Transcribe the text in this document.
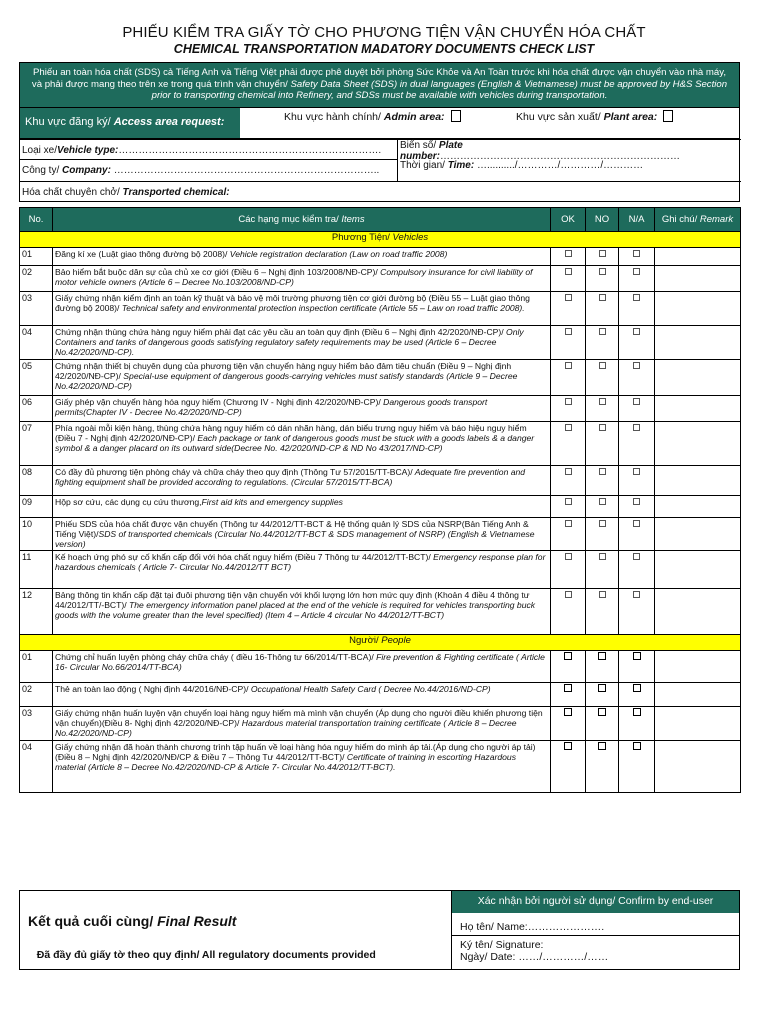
PHIẾU KIỂM TRA GIẤY TỜ CHO PHƯƠNG TIỆN VẬN CHUYỂN HÓA CHẤT
CHEMICAL TRANSPORTATION MADATORY DOCUMENTS CHECK LIST
Phiếu an toàn hóa chất (SDS) cả Tiếng Anh và Tiếng Việt phải được phê duyệt bởi phòng Sức Khỏe và An Toàn trước khi hóa chất được vận chuyển vào nhà máy, và phải được mang theo trên xe trong quá trình vận chuyển/ Safety Data Sheet (SDS) in dual languages (English & Vietnamese) must be approved by H&S Section prior to transporting chemical into Refinery, and SDSs must be available with vehicles during transportation.
Khu vực đăng ký/ Access area request:	Khu vực hành chính/ Admin area:	Khu vực sản xuất/ Plant area:
Loại xe/Vehicle type:……………………………………………………………………. Biển số/ Plate number:………………………………………………………………
Công ty/ Company: …………………………………………………………………….. Thời gian/ Time: …........../…………/…………/…………
Hóa chất chuyên chở/ Transported chemical:
No.	Các hạng mục kiểm tra/ Items	OK	NO	N/A	Ghi chú/ Remark
Phương Tiện/ Vehicles					
01	Đăng kí xe (Luật giao thông đường bộ 2008)/ Vehicle registration declaration (Law on road traffic 2008)				
02	Bảo hiểm bắt buộc dân sự của chủ xe cơ giới (Điều 6 – Nghị định 103/2008/NĐ-CP)/ Compulsory insurance for civil liability of motor vehicle owners (Article 6 – Decree No.103/2008/ND-CP)				
03	Giấy chứng nhận kiểm định an toàn kỹ thuật và bảo vệ môi trường phương tiện cơ giới đường bộ (Điều 55 – Luật giao thông đường bộ 2008)/ Technical safety and environmental protection inspection certificate (Article 55 – Law on road traffic 2008).				
04	Chứng nhận thùng chứa hàng nguy hiểm phải đạt các yêu cầu an toàn quy định (Điều 6 – Nghị định 42/2020/NĐ-CP)/ Only Containers and tanks of dangerous goods satisfying regulatory safety requirements may be used (Article 6 – Decree No.42/2020/ND-CP).				
05	Chứng nhận thiết bị chuyên dụng của phương tiện vận chuyển hàng nguy hiểm bảo đảm tiêu chuẩn (Điều 9 – Nghị định 42/2020/NĐ-CP)/ Special-use equipment of dangerous goods-carrying vehicles must satisfy standards (Article 9 – Decree No.42/2020/ND-CP)				
06	Giấy phép vận chuyển hàng hóa nguy hiểm (Chương IV - Nghị định 42/2020/NĐ-CP)/ Dangerous goods transport permits(Chapter IV - Decree No.42/2020/ND-CP)				
07	Phía ngoài mỗi kiện hàng, thùng chứa hàng nguy hiểm có dán nhãn hàng, dán biểu trưng nguy hiểm và báo hiệu nguy hiểm (Điều 7 - Nghị định 42/2020/NĐ-CP)/ Each package or tank of dangerous goods must be stuck with a goods labels & a danger symbol & a danger placard on its outward side(Decree No. 42/2020/ND-CP & ND No 43/2017/ND-CP)				
08	Có đầy đủ phương tiện phòng cháy và chữa cháy theo quy định (Thông Tư 57/2015/TT-BCA)/ Adequate fire prevention and fighting equipment shall be provided according to regulations. (Circular 57/2015/TT-BCA)				
09	Hộp sơ cứu, các dụng cụ cứu thương,First aid kits and emergency supplies				
10	Phiếu SDS của hóa chất được vận chuyển (Thông tư 44/2012/TT-BCT & Hệ thống quản lý SDS của NSRP(Bản Tiếng Anh & Tiếng Việt)/SDS of transported chemicals (Circular No.44/2012/TT-BCT & SDS management of NSRP) (English & Vietnamese version)				
11	Kế hoạch ứng phó sự cố khẩn cấp đối với hóa chất nguy hiểm (Điều 7 Thông tư 44/2012/TT-BCT)/ Emergency response plan for hazardous chemicals ( Article 7- Circular No.44/2012/TT BCT)				
12	Bảng thông tin khẩn cấp đặt tại đuôi phương tiện vận chuyển với khối lượng lớn hơn mức quy định (Khoản 4 điều 4 thông tư 44/2012/TT/-BCT)/ The emergency information panel placed at the end of the vehicle is required for vehicles transporting buck goods with the volume greater than the level specified) (Item 4 – Article 4 circular No 44/2012/TT-BCT)				
Người/ People					
01	Chứng chỉ huấn luyện phòng cháy chữa cháy ( điều 16-Thông tư 66/2014/TT-BCA)/ Fire prevention & Fighting certificate ( Article 16- Circular No.66/2014/TT-BCA)				
02	Thẻ an toàn lao động ( Nghị định 44/2016/NĐ-CP)/ Occupational Health Safety Card ( Decree No.44/2016/ND-CP)				
03	Giấy chứng nhận huấn luyện vận chuyển loại hàng nguy hiểm mà mình vận chuyển (Áp dụng cho người điều khiển phương tiện vận chuyển)(Điều 8- Nghị định 42/2020/NĐ-CP)/ Hazardous material transportation training certificate ( Article 8 – Decree No.42/2020/ND-CP)				
04	Giấy chứng nhận đã hoàn thành chương trình tập huấn về loại hàng hóa nguy hiểm do mình áp tải.(Áp dụng cho người áp tải) (Điều 8 – Nghị định 42/2020/NĐ/CP & Điều 7 – Thông Tư 44/2012/TT-BCT)/ Certificate of training in escorting Hazardous material (Article 8 – Decree No.42/2020/ND-CP & Article 7- Circular No.44/2012/TT-BCT).				
Kết quả cuối cùng/ Final Result
Đã đầy đủ giấy tờ theo quy định/ All regulatory documents provided
Xác nhận bởi người sử dụng/ Confirm by end-user
Họ tên/ Name:………………….
Ký tên/ Signature:
Ngày/ Date: ……/…………/……
